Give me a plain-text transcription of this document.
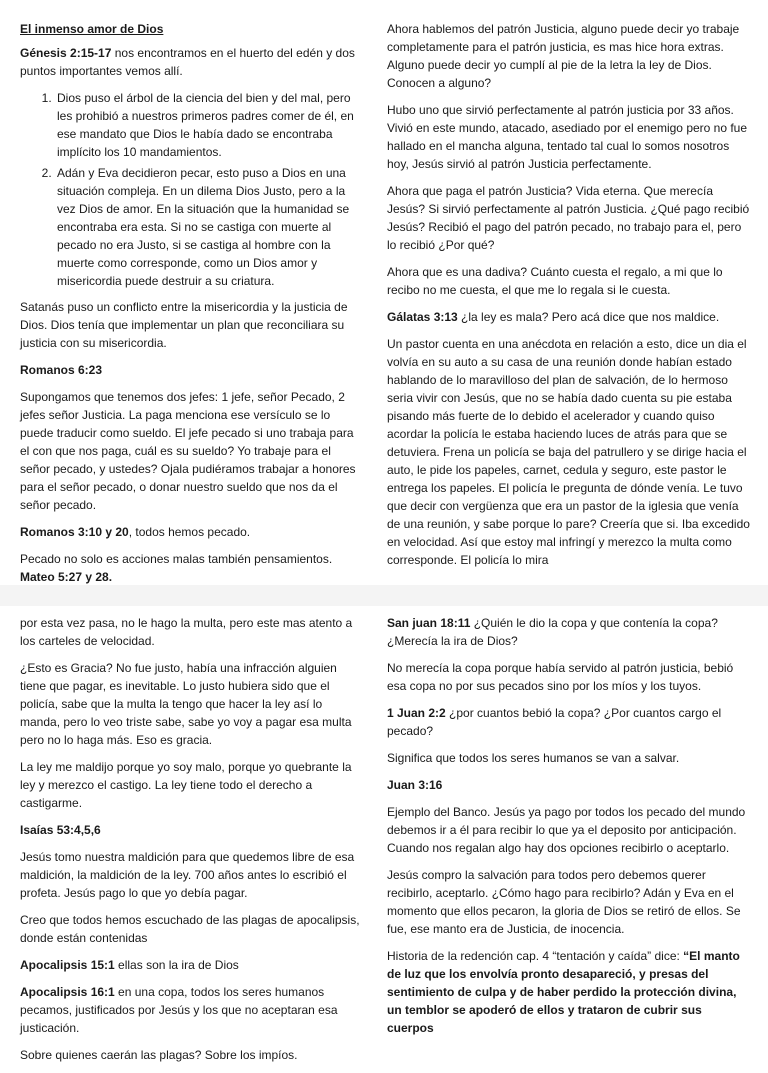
El inmenso amor de Dios

Génesis 2:15-17 nos encontramos en el huerto del edén y dos puntos importantes vemos allí.

1. Dios puso el árbol de la ciencia del bien y del mal, pero les prohibió a nuestros primeros padres comer de él, en ese mandato que Dios le había dado se encontraba implícito los 10 mandamientos.
2. Adán y Eva decidieron pecar, esto puso a Dios en una situación compleja. En un dilema Dios Justo, pero a la vez Dios de amor. En la situación que la humanidad se encontraba era esta. Si no se castiga con muerte al pecado no era Justo, si se castiga al hombre con la muerte como corresponde, como un Dios amor y misericordia puede destruir a su criatura.

Satanás puso un conflicto entre la misericordia y la justicia de Dios. Dios tenía que implementar un plan que reconciliara su justicia con su misericordia.

Romanos 6:23

Supongamos que tenemos dos jefes: 1 jefe, señor Pecado, 2 jefes señor Justicia. La paga menciona ese versículo se lo puede traducir como sueldo. El jefe pecado si uno trabaja para el con que nos paga, cuál es su sueldo? Yo trabaje para el señor pecado, y ustedes? Ojala pudiéramos trabajar a honores para el señor pecado, o donar nuestro sueldo que nos da el señor pecado.

Romanos 3:10 y 20, todos hemos pecado.

Pecado no solo es acciones malas también pensamientos. Mateo 5:27 y 28.

Ahora hablemos del patrón Justicia, alguno puede decir yo trabaje completamente para el patrón justicia, es mas hice hora extras. Alguno puede decir yo cumplí al pie de la letra la ley de Dios. Conocen a alguno?

Hubo uno que sirvió perfectamente al patrón justicia por 33 años. Vivió en este mundo, atacado, asediado por el enemigo pero no fue hallado en el mancha alguna, tentado tal cual lo somos nosotros hoy, Jesús sirvió al patrón Justicia perfectamente.

Ahora que paga el patrón Justicia? Vida eterna. Que merecía Jesús? Si sirvió perfectamente al patrón Justicia. ¿Qué pago recibió Jesús? Recibió el pago del patrón pecado, no trabajo para el, pero lo recibió ¿Por qué?

Ahora que es una dadiva? Cuánto cuesta el regalo, a mi que lo recibo no me cuesta, el que me lo regala si le cuesta.

Gálatas 3:13 ¿la ley es mala? Pero acá dice que nos maldice.

Un pastor cuenta en una anécdota en relación a esto, dice un dia el volvía en su auto a su casa de una reunión donde habían estado hablando de lo maravilloso del plan de salvación, de lo hermoso seria vivir con Jesús, que no se había dado cuenta su pie estaba pisando más fuerte de lo debido el acelerador y cuando quiso acordar la policía le estaba haciendo luces de atrás para que se detuviera. Frena un policía se baja del patrullero y se dirige hacia el auto, le pide los papeles, carnet, cedula y seguro, este pastor le entrega los papeles. El policía le pregunta de dónde venía. Le tuvo que decir con vergüenza que era un pastor de la iglesia que venía de una reunión, y sabe porque lo pare? Creería que si. Iba excedido en velocidad. Así que estoy mal infringí y merezco la multa como corresponde. El policía lo mira

por esta vez pasa, no le hago la multa, pero este mas atento a los carteles de velocidad.

¿Esto es Gracia? No fue justo, había una infracción alguien tiene que pagar, es inevitable. Lo justo hubiera sido que el policía, sabe que la multa la tengo que hacer la ley así lo manda, pero lo veo triste sabe, sabe yo voy a pagar esa multa pero no lo haga más. Eso es gracia.

La ley me maldijo porque yo soy malo, porque yo quebrante la ley y merezco el castigo. La ley tiene todo el derecho a castigarme.

Isaías 53:4,5,6

Jesús tomo nuestra maldición para que quedemos libre de esa maldición, la maldición de la ley. 700 años antes lo escribió el profeta. Jesús pago lo que yo debía pagar.

Creo que todos hemos escuchado de las plagas de apocalipsis, donde están contenidas

Apocalipsis 15:1 ellas son la ira de Dios

Apocalipsis 16:1 en una copa, todos los seres humanos pecamos, justificados por Jesús y los que no aceptaran esa justicación.

Sobre quienes caerán las plagas? Sobre los impíos.

San juan 18:11 ¿Quién le dio la copa y que contenía la copa? ¿Merecía la ira de Dios?

No merecía la copa porque había servido al patrón justicia, bebió esa copa no por sus pecados sino por los míos y los tuyos.

1 Juan 2:2 ¿por cuantos bebió la copa? ¿Por cuantos cargo el pecado?

Significa que todos los seres humanos se van a salvar.

Juan 3:16

Ejemplo del Banco. Jesús ya pago por todos los pecado del mundo debemos ir a él para recibir lo que ya el deposito por anticipación. Cuando nos regalan algo hay dos opciones recibirlo o aceptarlo.

Jesús compro la salvación para todos pero debemos querer recibirlo, aceptarlo. ¿Cómo hago para recibirlo? Adán y Eva en el momento que ellos pecaron, la gloria de Dios se retiró de ellos. Se fue, ese manto era de Justicia, de inocencia.

Historia de la redención cap. 4 “tentación y caída” dice: “El manto de luz que los envolvía pronto desapareció, y presas del sentimiento de culpa y de haber perdido la protección divina, un temblor se apoderó de ellos y trataron de cubrir sus cuerpos
